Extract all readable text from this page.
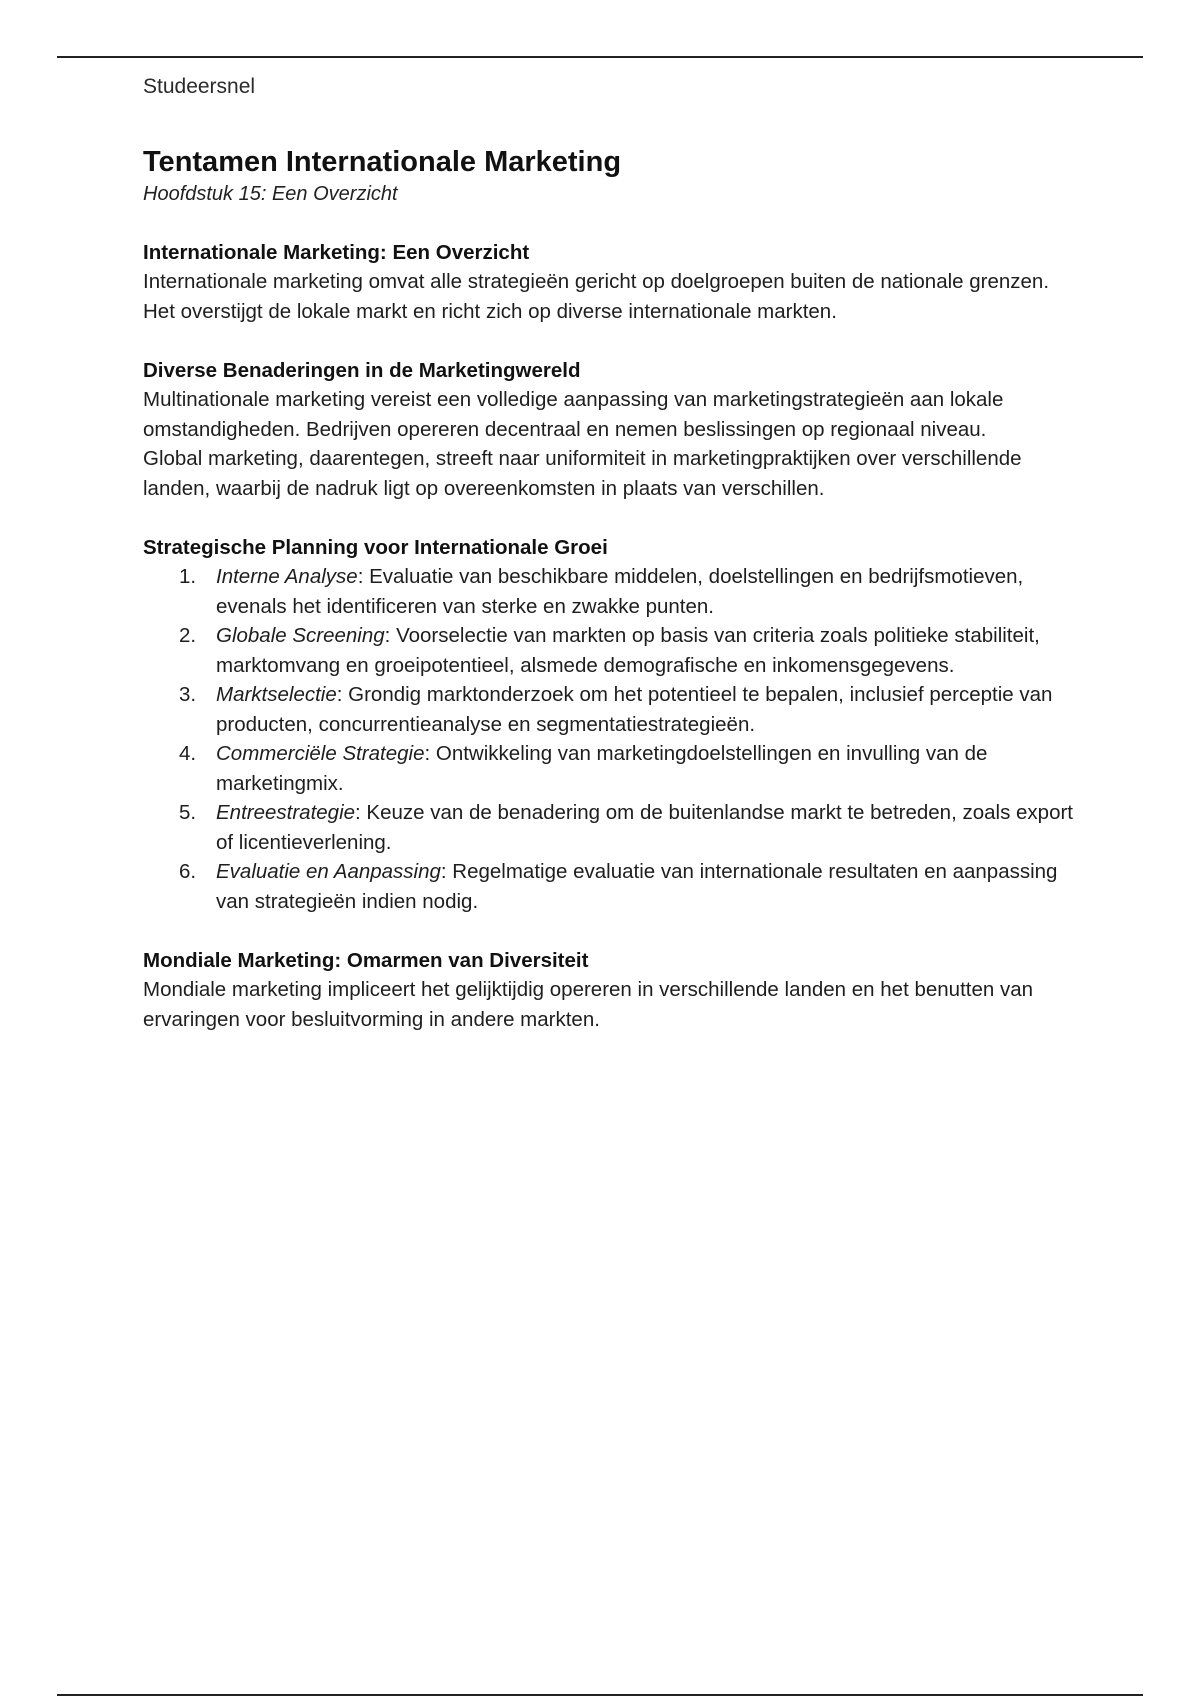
Studeersnel

Tentamen Internationale Marketing

Hoofdstuk 15: Een Overzicht

Internationale Marketing: Een Overzicht

Internationale marketing omvat alle strategieën gericht op doelgroepen buiten de nationale grenzen. Het overstijgt de lokale markt en richt zich op diverse internationale markten.

Diverse Benaderingen in de Marketingwereld

Multinationale marketing vereist een volledige aanpassing van marketingstrategieën aan lokale omstandigheden. Bedrijven opereren decentraal en nemen beslissingen op regionaal niveau.

Global marketing, daarentegen, streeft naar uniformiteit in marketingpraktijken over verschillende landen, waarbij de nadruk ligt op overeenkomsten in plaats van verschillen.

Strategische Planning voor Internationale Groei
1. Interne Analyse: Evaluatie van beschikbare middelen, doelstellingen en bedrijfsmotieven, evenals het identificeren van sterke en zwakke punten.
2. Globale Screening: Voorselectie van markten op basis van criteria zoals politieke stabiliteit, marktomvang en groeipotentieel, alsmede demografische en inkomensgegevens.
3. Marktselectie: Grondig marktonderzoek om het potentieel te bepalen, inclusief perceptie van producten, concurrentieanalyse en segmentatiestrategieën.
4. Commerciële Strategie: Ontwikkeling van marketingdoelstellingen en invulling van de marketingmix.
5. Entreestrategie: Keuze van de benadering om de buitenlandse markt te betreden, zoals export of licentieverlening.
6. Evaluatie en Aanpassing: Regelmatige evaluatie van internationale resultaten en aanpassing van strategieën indien nodig.
Mondiale Marketing: Omarmen van Diversiteit

Mondiale marketing impliceert het gelijktijdig opereren in verschillende landen en het benutten van ervaringen voor besluitvorming in andere markten.
